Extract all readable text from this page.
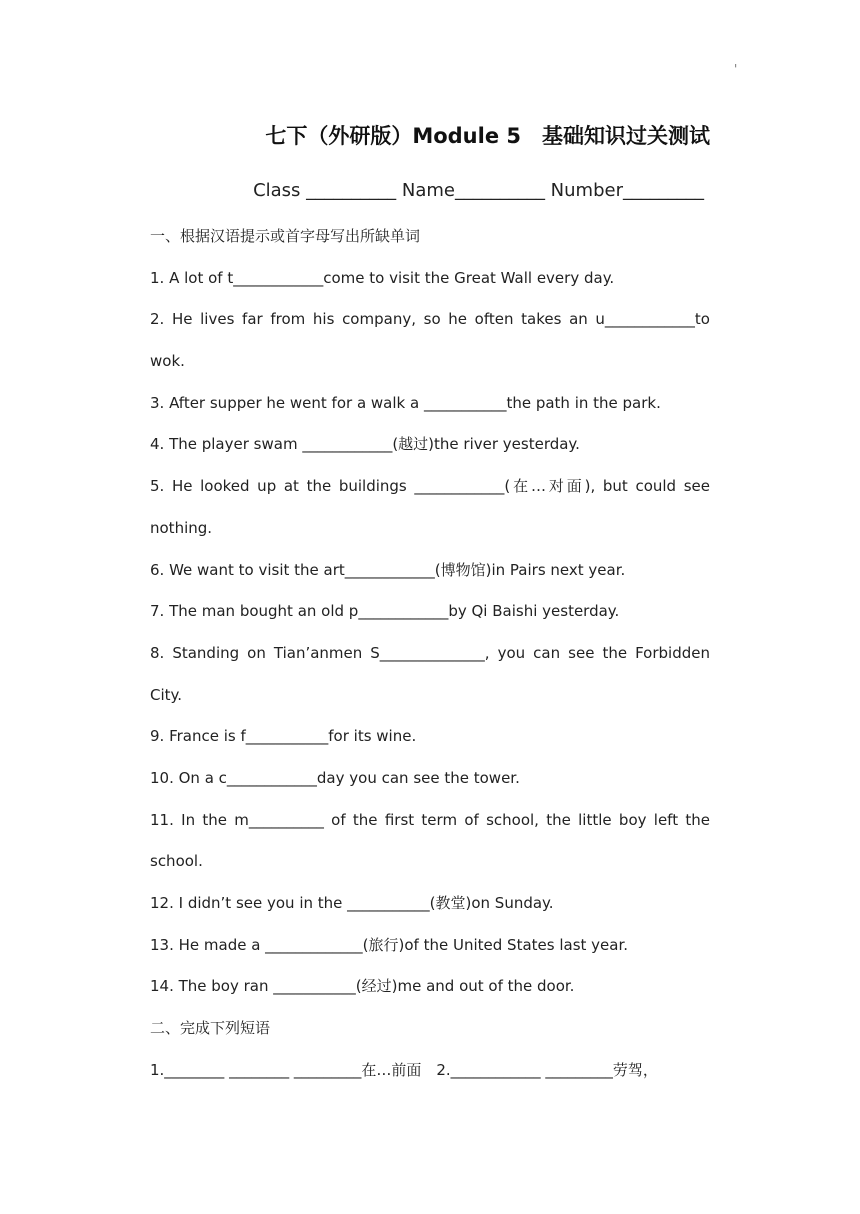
'
七下（外研版）Module 5　基础知识过关测试
Class __________ Name__________ Number_________
一、根据汉语提示或首字母写出所缺单词
1. A lot of t____________come to visit the Great Wall every day.
2. He lives far from his company, so he often takes an u____________to
wok.
3. After supper he went for a walk a ___________the path in the park.
4. The player swam ____________(越过)the river yesterday.
5. He looked up at the buildings ____________(在…对面), but could see
nothing.
6. We want to visit the art____________(博物馆)in Pairs next year.
7. The man bought an old p____________by Qi Baishi yesterday.
8. Standing on Tian’anmen S______________, you can see the Forbidden
City.
9. France is f___________for its wine.
10. On a c____________day you can see the tower.
11. In the m__________ of the first term of school, the little boy left the
school.
12. I didn’t see you in the ___________(教堂)on Sunday.
13. He made a _____________(旅行)of the United States last year.
14. The boy ran ___________(经过)me and out of the door.
二、完成下列短语
1.________ ________ _________在…前面　2.____________ _________劳驾，
